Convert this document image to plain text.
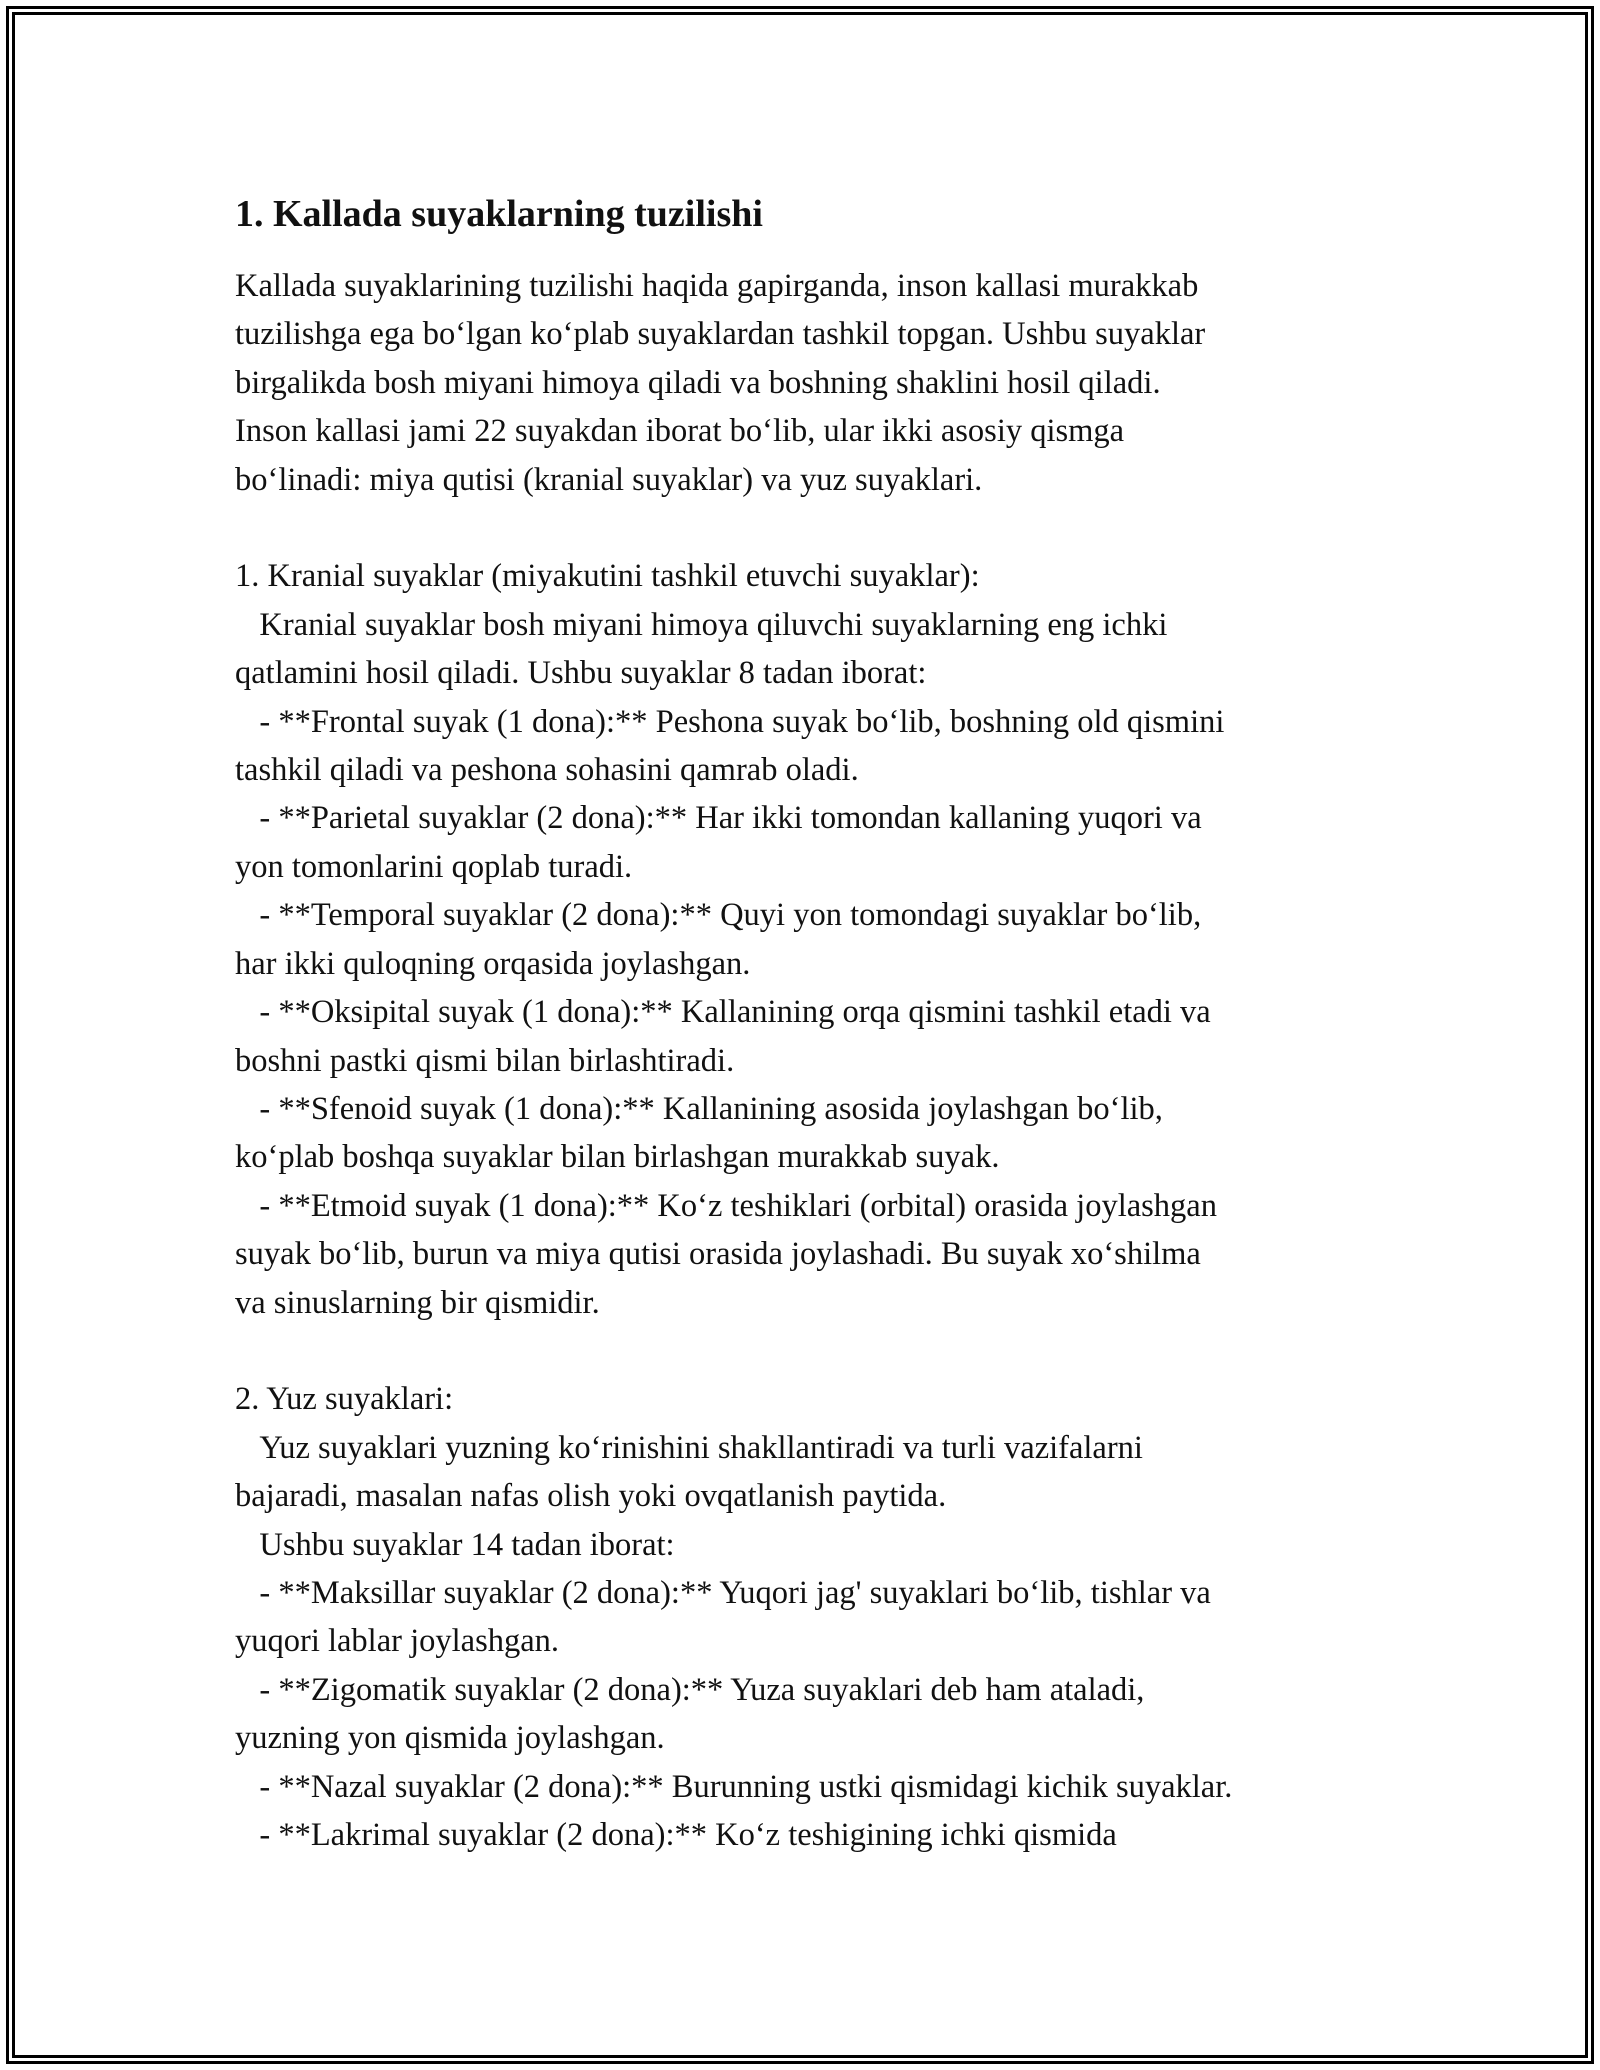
1. Kallada suyaklarning tuzilishi

Kallada suyaklarining tuzilishi haqida gapirganda, inson kallasi murakkab
tuzilishga ega bo‘lgan ko‘plab suyaklardan tashkil topgan. Ushbu suyaklar
birgalikda bosh miyani himoya qiladi va boshning shaklini hosil qiladi.
Inson kallasi jami 22 suyakdan iborat bo‘lib, ular ikki asosiy qismga
bo‘linadi: miya qutisi (kranial suyaklar) va yuz suyaklari.

1. Kranial suyaklar (miyakutini tashkil etuvchi suyaklar):
Kranial suyaklar bosh miyani himoya qiluvchi suyaklarning eng ichki
qatlamini hosil qiladi. Ushbu suyaklar 8 tadan iborat:
- **Frontal suyak (1 dona):** Peshona suyak bo‘lib, boshning old qismini
tashkil qiladi va peshona sohasini qamrab oladi.
- **Parietal suyaklar (2 dona):** Har ikki tomondan kallaning yuqori va
yon tomonlarini qoplab turadi.
- **Temporal suyaklar (2 dona):** Quyi yon tomondagi suyaklar bo‘lib,
har ikki quloqning orqasida joylashgan.
- **Oksipital suyak (1 dona):** Kallanining orqa qismini tashkil etadi va
boshni pastki qismi bilan birlashtiradi.
- **Sfenoid suyak (1 dona):** Kallanining asosida joylashgan bo‘lib,
ko‘plab boshqa suyaklar bilan birlashgan murakkab suyak.
- **Etmoid suyak (1 dona):** Ko‘z teshiklari (orbital) orasida joylashgan
suyak bo‘lib, burun va miya qutisi orasida joylashadi. Bu suyak xo‘shilma
va sinuslarning bir qismidir.

2. Yuz suyaklari:
Yuz suyaklari yuzning ko‘rinishini shakllantiradi va turli vazifalarni
bajaradi, masalan nafas olish yoki ovqatlanish paytida.
Ushbu suyaklar 14 tadan iborat:
- **Maksillar suyaklar (2 dona):** Yuqori jag' suyaklari bo‘lib, tishlar va
yuqori lablar joylashgan.
- **Zigomatik suyaklar (2 dona):** Yuza suyaklari deb ham ataladi,
yuzning yon qismida joylashgan.
- **Nazal suyaklar (2 dona):** Burunning ustki qismidagi kichik suyaklar.
- **Lakrimal suyaklar (2 dona):** Ko‘z teshigining ichki qismida
